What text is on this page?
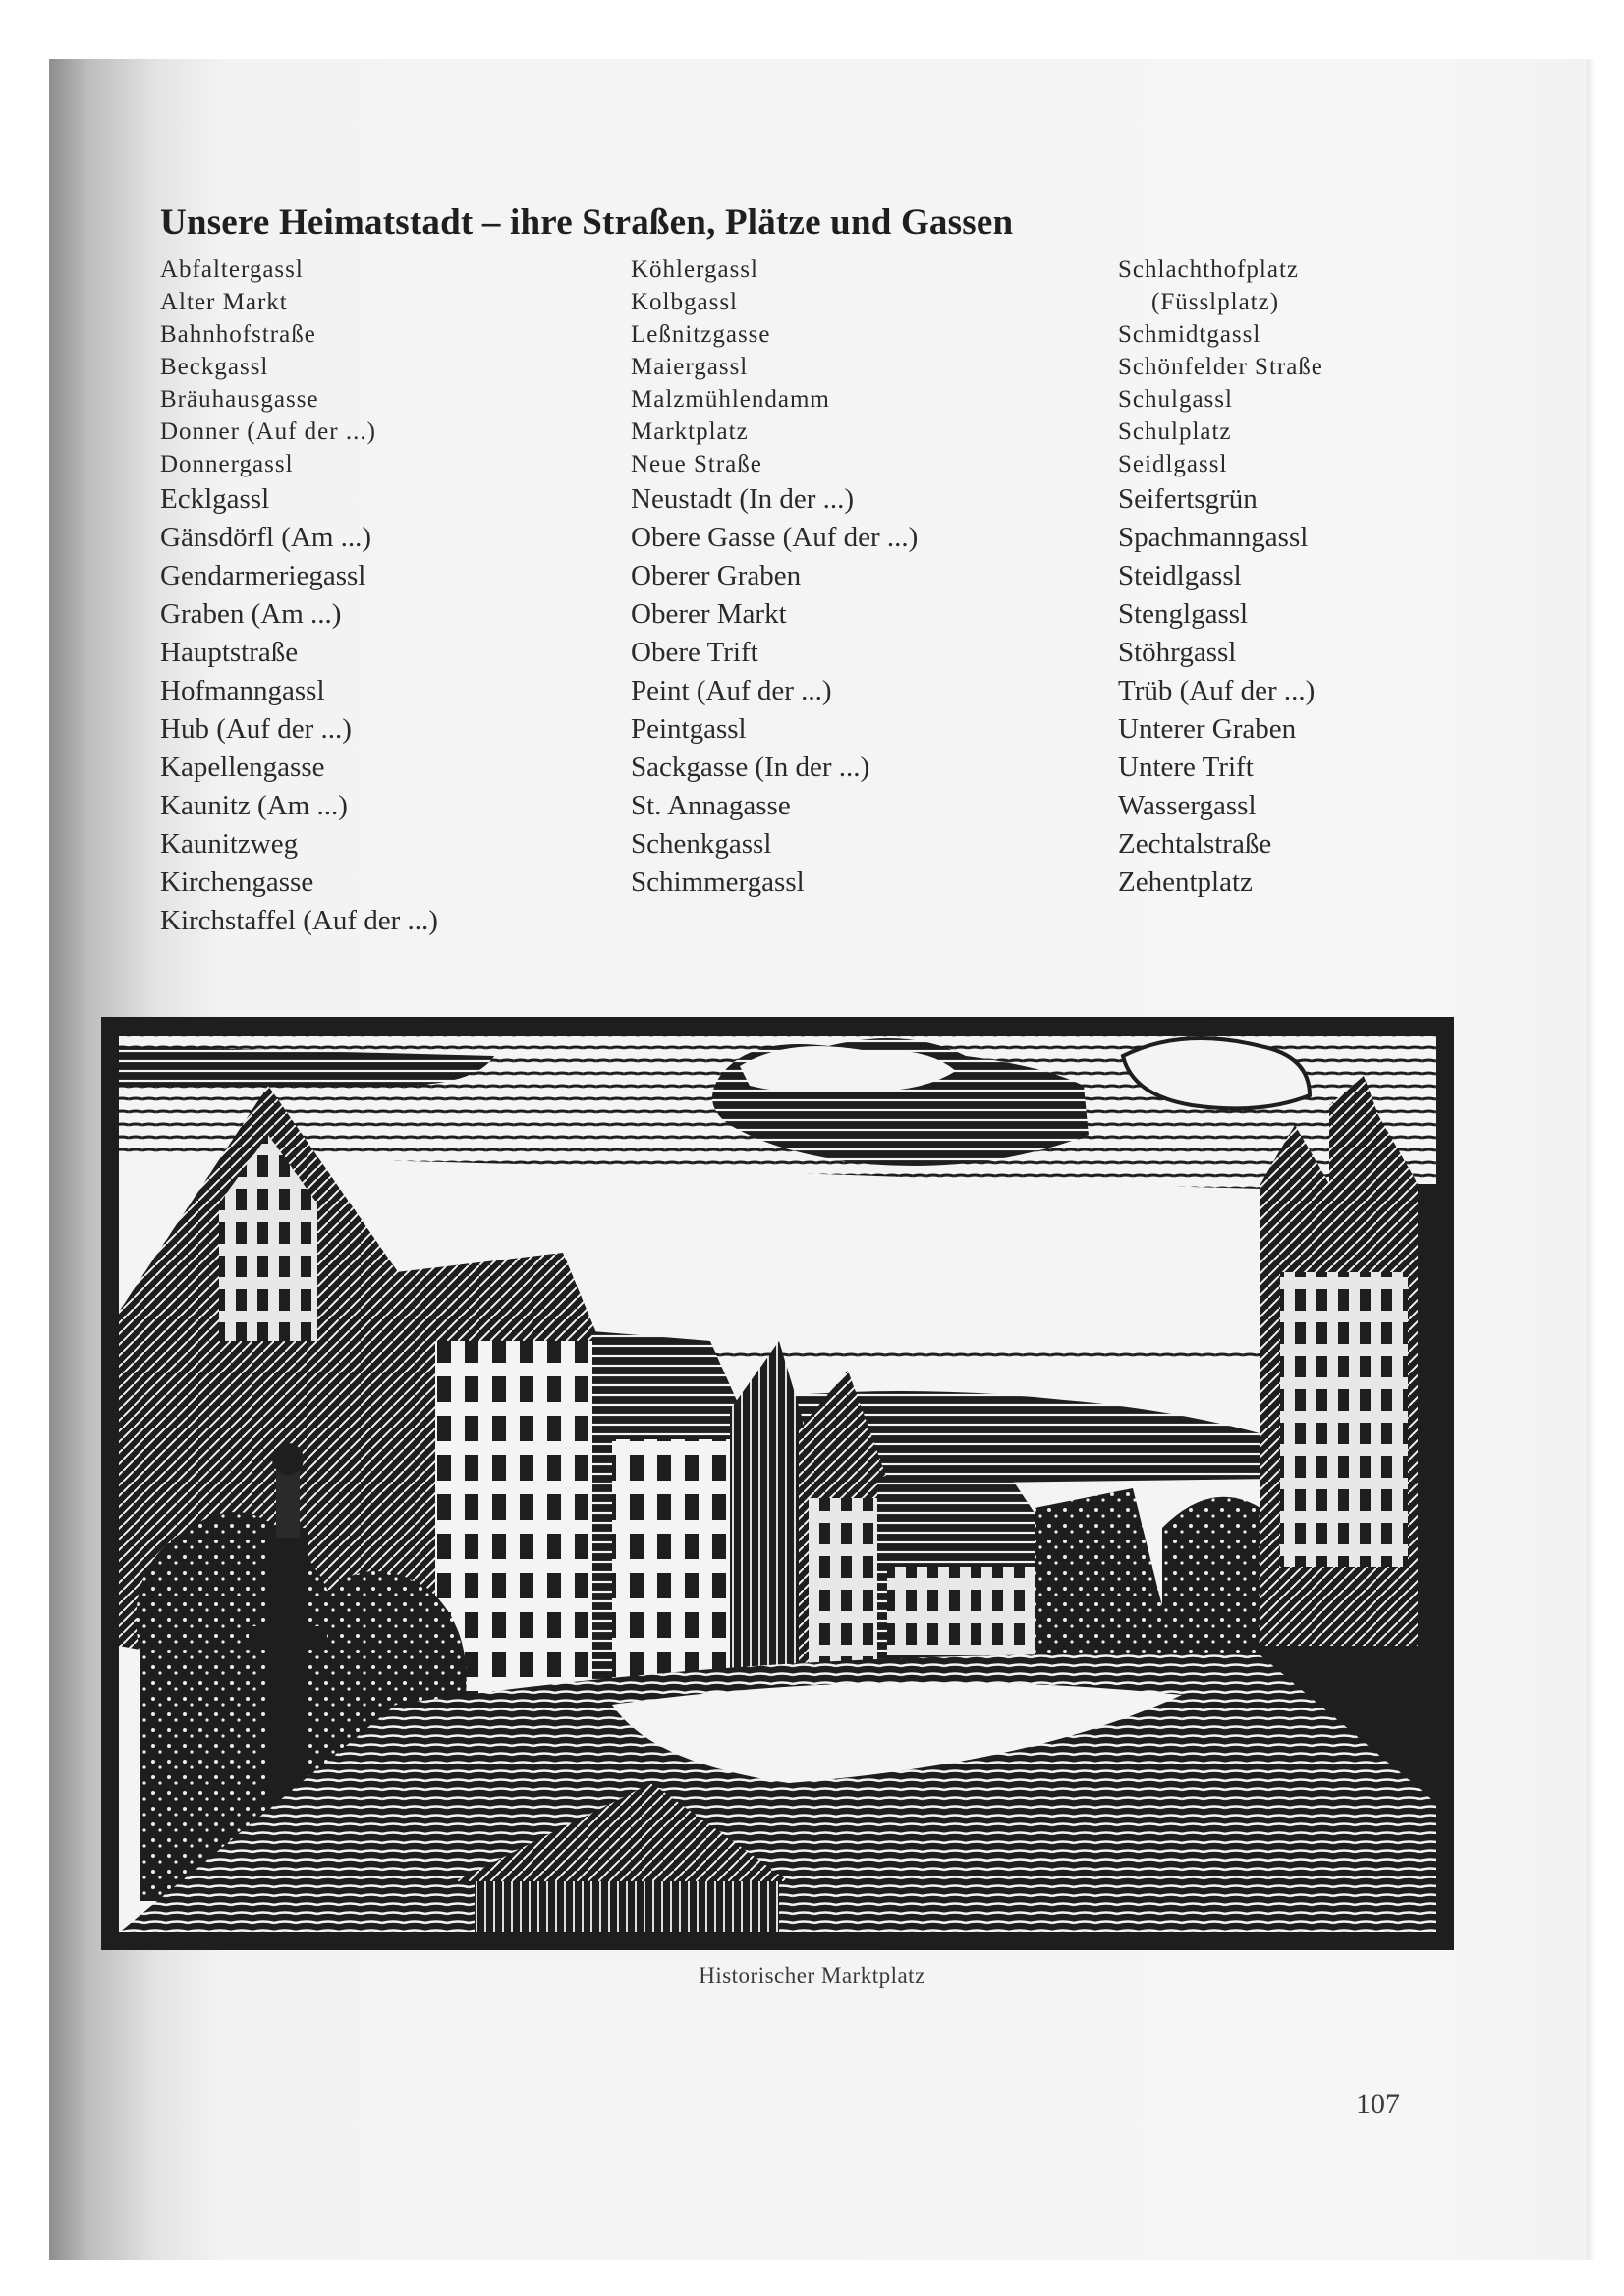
Unsere Heimatstadt – ihre Straßen, Plätze und Gassen
Abfaltergassl
Alter Markt
Bahnhofstraße
Beckgassl
Bräuhausgasse
Donner (Auf der ...)
Donnergassl
Ecklgassl
Gänsdörfl (Am ...)
Gendarmeriegassl
Graben (Am ...)
Hauptstraße
Hofmanngassl
Hub (Auf der ...)
Kapellengasse
Kaunitz (Am ...)
Kaunitzweg
Kirchengasse
Kirchstaffel (Auf der ...)
Köhlergassl
Kolbgassl
Leßnitzgasse
Maiergassl
Malzmühlendamm
Marktplatz
Neue Straße
Neustadt (In der ...)
Obere Gasse (Auf der ...)
Oberer Graben
Oberer Markt
Obere Trift
Peint (Auf der ...)
Peintgassl
Sackgasse (In der ...)
St. Annagasse
Schenkgassl
Schimmergassl
Schlachthofplatz
(Füsslplatz)
Schmidtgassl
Schönfelder Straße
Schulgassl
Schulplatz
Seidlgassl
Seifertsgrün
Spachmanngassl
Steidlgassl
Stenglgassl
Stöhrgassl
Trüb (Auf der ...)
Unterer Graben
Untere Trift
Wassergassl
Zechtalstraße
Zehentplatz
Historischer Marktplatz
107
